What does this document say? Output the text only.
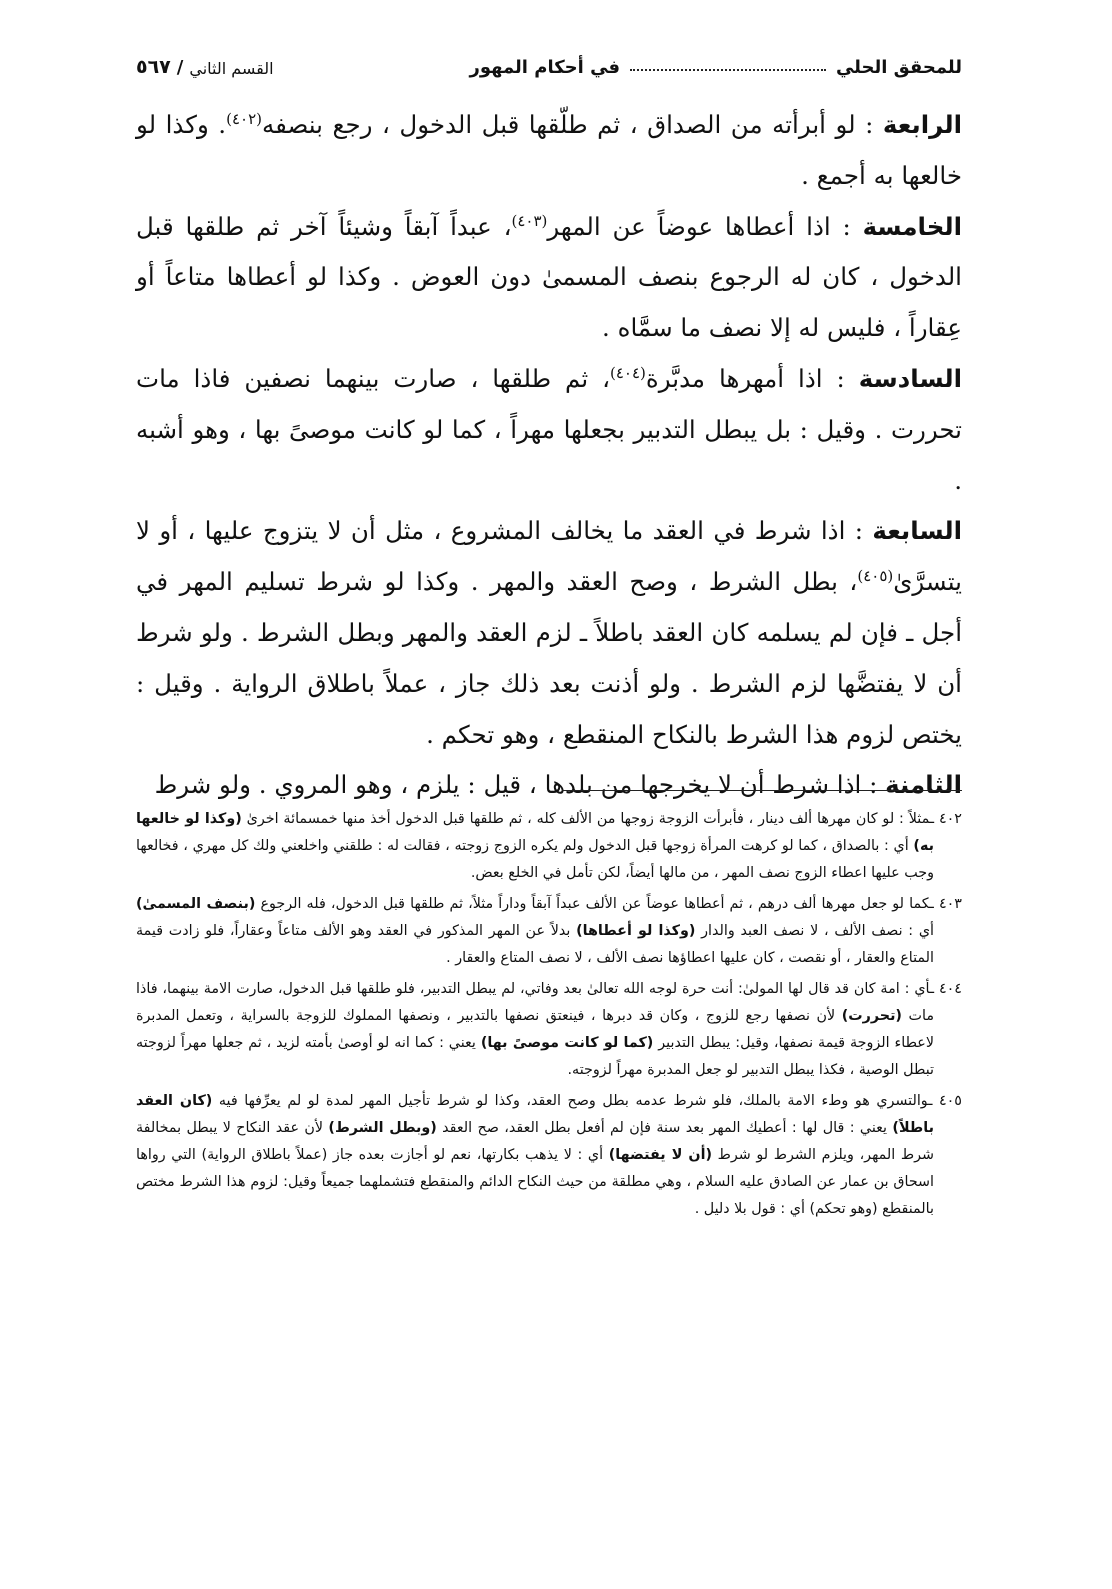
للمحقق الحلي
في أحكام المهور
القسم الثاني
/
٥٦٧

الرابعة : لو أبرأته من الصداق ، ثم طلّقها قبل الدخول ، رجع بنصفه$^{(٤٠٢)}$. وكذا لو خالعها به أجمع .

الخامسة : اذا أعطاها عوضاً عن المهر$^{(٤٠٣)}$، عبداً آبقاً وشيئاً آخر ثم طلقها قبل الدخول ، كان له الرجوع بنصف المسمىٰ دون العوض . وكذا لو أعطاها متاعاً أو عِقاراً ، فليس له إلا نصف ما سمَّاه .

السادسة : اذا أمهرها مدبَّرة$^{(٤٠٤)}$، ثم طلقها ، صارت بينهما نصفين فاذا مات تحررت . وقيل : بل يبطل التدبير بجعلها مهراً ، كما لو كانت موصىً بها ، وهو أشبه .

السابعة : اذا شرط في العقد ما يخالف المشروع ، مثل أن لا يتزوج عليها ، أو لا يتسرَّىٰ$^{(٤٠٥)}$، بطل الشرط ، وصح العقد والمهر . وكذا لو شرط تسليم المهر في أجل ـ فإن لم يسلمه كان العقد باطلاً ـ لزم العقد والمهر وبطل الشرط . ولو شرط أن لا يفتضَّها لزم الشرط . ولو أذنت بعد ذلك جاز ، عملاً باطلاق الرواية . وقيل : يختص لزوم هذا الشرط بالنكاح المنقطع ، وهو تحكم .

الثامنة : اذا شرط أن لا يخرجها من بلدها ، قيل : يلزم ، وهو المروي . ولو شرط

٤٠٢ ـمثلاً : لو كان مهرها ألف دينار ، فأبرأت الزوجة زوجها من الألف كله ، ثم طلقها قبل الدخول أخذ منها خمسمائة اخرىٰ (وكذا لو خالعها به) أي : بالصداق ، كما لو كرهت المرأة زوجها قبل الدخول ولم يكره الزوج زوجته ، فقالت له : طلقني واخلعني ولك كل مهري ، فخالعها وجب عليها اعطاء الزوج نصف المهر ، من مالها أيضاً، لكن تأمل في الخلع بعض.

٤٠٣ ـكما لو جعل مهرها ألف درهم ، ثم أعطاها عوضاً عن الألف عبداً آبقاً وداراً مثلاً، ثم طلقها قبل الدخول، فله الرجوع (بنصف المسمىٰ) أي : نصف الألف ، لا نصف العبد والدار (وكذا لو أعطاها) بدلاً عن المهر المذكور في العقد وهو الألف متاعاً وعقاراً، فلو زادت قيمة المتاع والعقار ، أو نقصت ، كان عليها اعطاؤها نصف الألف ، لا نصف المتاع والعقار .

٤٠٤ ـأي : امة كان قد قال لها المولىٰ: أنت حرة لوجه الله تعالىٰ بعد وفاتي، لم يبطل التدبير، فلو طلقها قبل الدخول، صارت الامة بينهما، فاذا مات (تحررت) لأن نصفها رجع للزوج ، وكان قد دبرها ، فينعتق نصفها بالتدبير ، ونصفها المملوك للزوجة بالسراية ، وتعمل المدبرة لاعطاء الزوجة قيمة نصفها، وقيل: يبطل التدبير (كما لو كانت موصىً بها) يعني : كما انه لو أوصىٰ بأمته لزيد ، ثم جعلها مهراً لزوجته تبطل الوصية ، فكذا يبطل التدبير لو جعل المدبرة مهراً لزوجته.

٤٠٥ ـوالتسري هو وطء الامة بالملك، فلو شرط عدمه بطل وصح العقد، وكذا لو شرط تأجيل المهر لمدة لو لم يعرِّفها فيه (كان العقد باطلاً) يعني : قال لها : أعطيك المهر بعد سنة فإن لم أفعل بطل العقد، صح العقد (وبطل الشرط) لأن عقد النكاح لا يبطل بمخالفة شرط المهر، ويلزم الشرط لو شرط (أن لا يفتضها) أي : لا يذهب بكارتها، نعم لو أجازت بعده جاز (عملاً باطلاق الرواية) التي رواها اسحاق بن عمار عن الصادق عليه السلام ، وهي مطلقة من حيث النكاح الدائم والمنقطع فتشملهما جميعاً وقيل: لزوم هذا الشرط مختص بالمنقطع (وهو تحكم) أي : قول بلا دليل .
